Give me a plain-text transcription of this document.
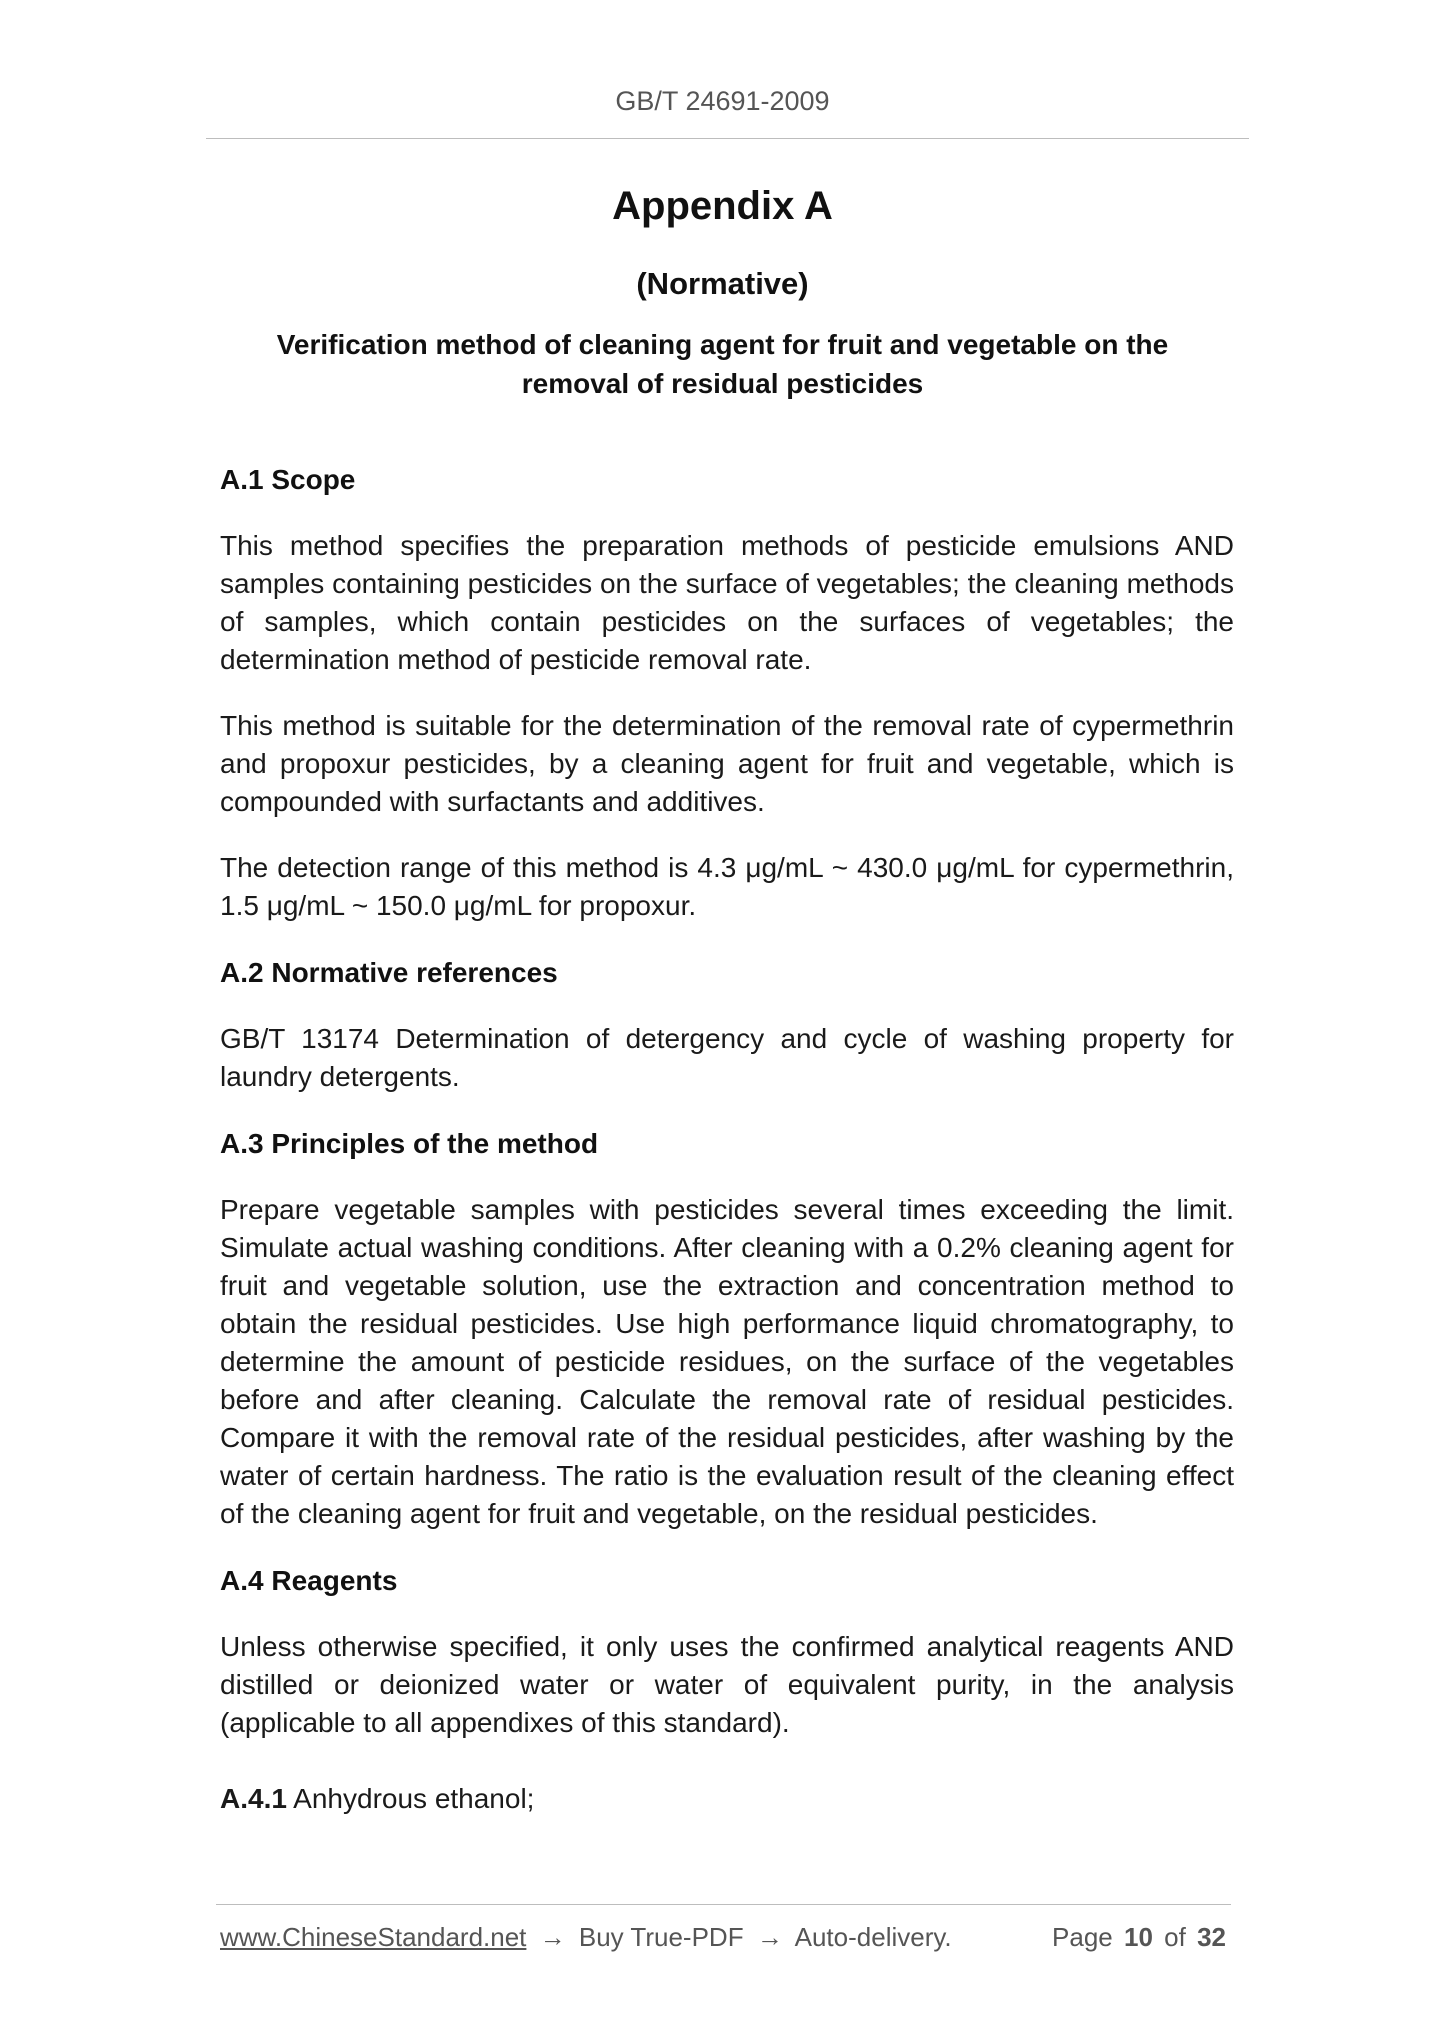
GB/T 24691-2009
Appendix A
(Normative)
Verification method of cleaning agent for fruit and vegetable on the removal of residual pesticides
A.1 Scope

This method specifies the preparation methods of pesticide emulsions AND samples containing pesticides on the surface of vegetables; the cleaning methods of samples, which contain pesticides on the surfaces of vegetables; the determination method of pesticide removal rate.

This method is suitable for the determination of the removal rate of cypermethrin and propoxur pesticides, by a cleaning agent for fruit and vegetable, which is compounded with surfactants and additives.

The detection range of this method is 4.3 μg/mL ~ 430.0 μg/mL for cypermethrin, 1.5 μg/mL ~ 150.0 μg/mL for propoxur.

A.2 Normative references

GB/T 13174 Determination of detergency and cycle of washing property for laundry detergents.

A.3 Principles of the method

Prepare vegetable samples with pesticides several times exceeding the limit. Simulate actual washing conditions. After cleaning with a 0.2% cleaning agent for fruit and vegetable solution, use the extraction and concentration method to obtain the residual pesticides. Use high performance liquid chromatography, to determine the amount of pesticide residues, on the surface of the vegetables before and after cleaning. Calculate the removal rate of residual pesticides. Compare it with the removal rate of the residual pesticides, after washing by the water of certain hardness. The ratio is the evaluation result of the cleaning effect of the cleaning agent for fruit and vegetable, on the residual pesticides.

A.4 Reagents

Unless otherwise specified, it only uses the confirmed analytical reagents AND distilled or deionized water or water of equivalent purity, in the analysis (applicable to all appendixes of this standard).

A.4.1 Anhydrous ethanol;

www.ChineseStandard.net → Buy True-PDF → Auto-delivery.	Page 10 of 32
